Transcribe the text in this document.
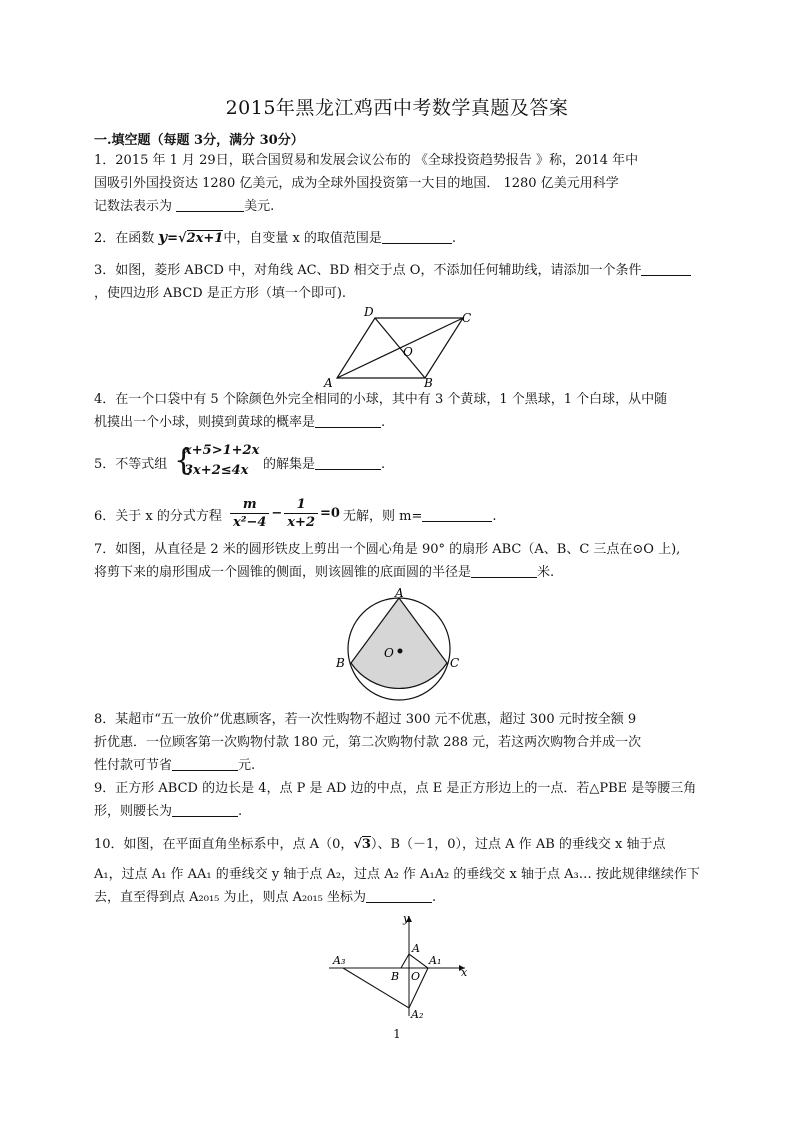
2015年黑龙江鸡西中考数学真题及答案
一.填空题（每题 3分，满分 30分）
1．2015 年 1 月 29日，联合国贸易和发展会议公布的 《全球投资趋势报告 》称，2014 年中
国吸引外国投资达 1280 亿美元，成为全球外国投资第一大目的地国． 1280 亿美元用科学
记数法表示为	美元.
2．在函数 y=√2x+1中，自变量 x 的取值范围是	.
3．如图，菱形 ABCD 中，对角线 AC、BD 相交于点 O，不添加任何辅助线，请添加一个条件
，使四边形 ABCD 是正方形（填一个即可).
A	B
C
D
O
4．在一个口袋中有 5 个除颜色外完全相同的小球，其中有 3 个黄球，1 个黑球，1 个白球，从中随
机摸出一个小球，则摸到黄球的概率是	.
5．不等式组 {
x+5>1+2x
3x+2≤4x	的解集是	.
6．关于 x 的分式方程 $\frac{m}{\text{x²−4}} - \frac{1}{x+2} =0$ 无解，则 m=	.
7．如图，从直径是 2 米的圆形铁皮上剪出一个圆心角是 90° 的扇形 ABC（A、B、C 三点在⊙O 上),
将剪下来的扇形围成一个圆锥的侧面，则该圆锥的底面圆的半径是	米.
A
B	C
O
8．某超市“五一放价”优惠顾客，若一次性购物不超过 300 元不优惠，超过 300 元时按全额 9
折优惠．一位顾客第一次购物付款 180 元，第二次购物付款 288 元，若这两次购物合并成一次
性付款可节省	元.
9．正方形 ABCD 的边长是 4，点 P 是 AD 边的中点，点 E 是正方形边上的一点．若△PBE 是等腰三角
形，则腰长为	.
10．如图，在平面直角坐标系中，点 A（0，√3）、B（－1，0），过点 A 作 AB 的垂线交 x 轴于点
A₁，过点 A₁ 作 AA₁ 的垂线交 y 轴于点 A₂，过点 A₂ 作 A₁A₂ 的垂线交 x 轴于点 A₃… 按此规律继续作下
去，直至得到点 A₂₀₁₅ 为止，则点 A₂₀₁₅ 坐标为	.
y
x
A
A₁
A₂
A₃
B O
1
